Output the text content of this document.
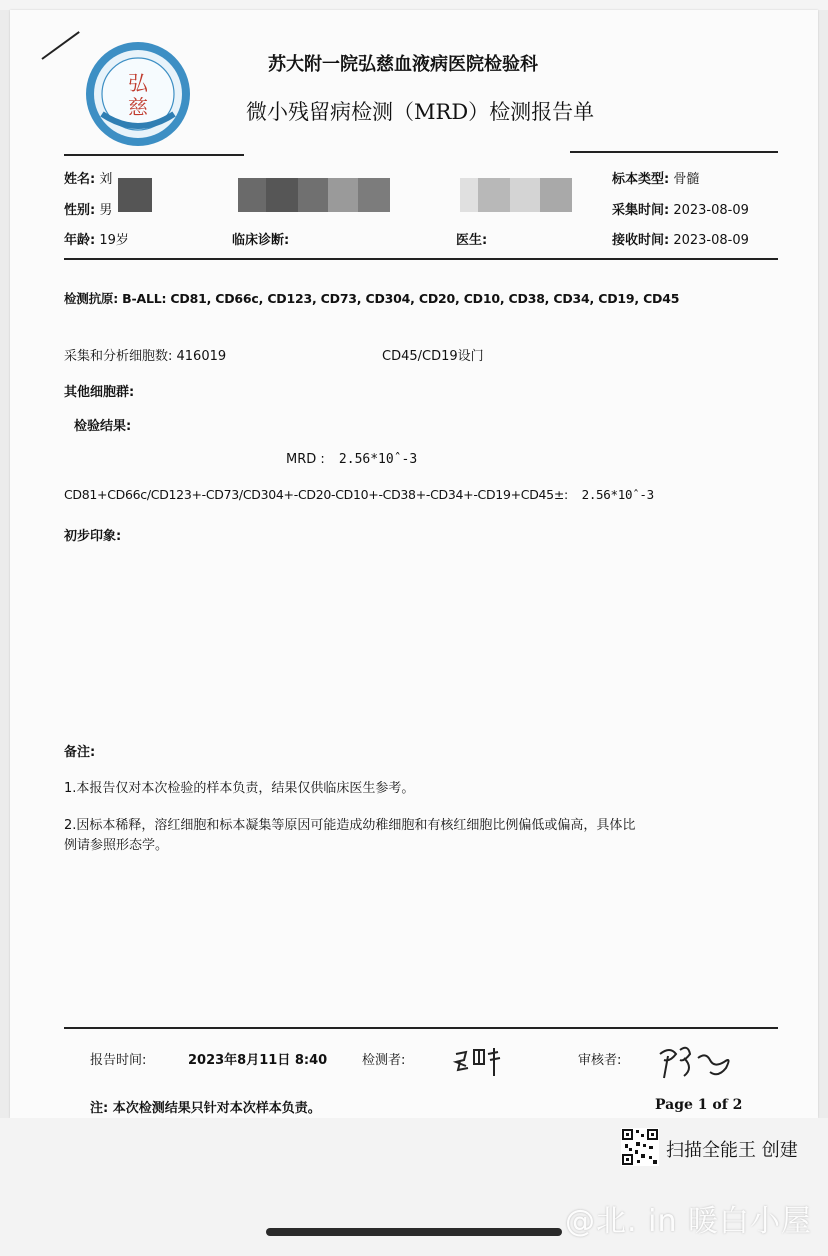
弘
慈
苏大附一院弘慈血液病医院检验科
微小残留病检测（MRD）检测报告单
姓名: 刘
性别: 男
年龄: 19岁	临床诊断:	医生:
标本类型: 骨髓
采集时间: 2023-08-09
接收时间: 2023-08-09
检测抗原: B-ALL: CD81, CD66c, CD123, CD73, CD304, CD20, CD10, CD38, CD34, CD19, CD45
采集和分析细胞数: 416019	CD45/CD19设门
其他细胞群:
检验结果:
MRD : 2.56*10ˆ-3
CD81+CD66c/CD123+-CD73/CD304+-CD20-CD10+-CD38+-CD34+-CD19+CD45±: 2.56*10ˆ-3
初步印象:
备注:
1.本报告仅对本次检验的样本负责，结果仅供临床医生参考。
2.因标本稀释，溶红细胞和标本凝集等原因可能造成幼稚细胞和有核红细胞比例偏低或偏高，具体比
例请参照形态学。
报告时间:	2023年8月11日 8:40	检测者:	审核者:
注: 本次检测结果只针对本次样本负责。	Page 1 of 2
扫描全能王 创建
@北. in 暖白小屋
